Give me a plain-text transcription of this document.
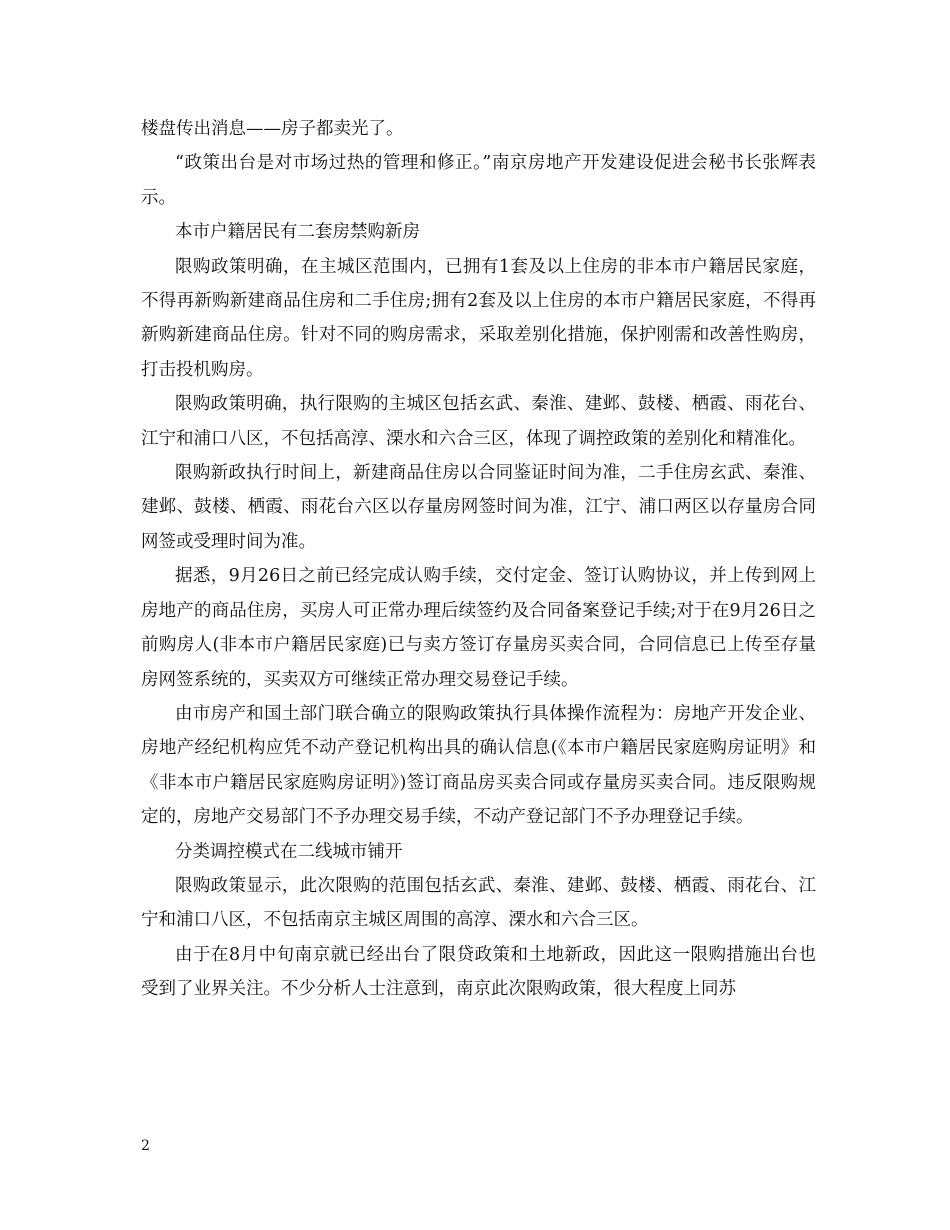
楼盘传出消息——房子都卖光了。

“政策出台是对市场过热的管理和修正。”南京房地产开发建设促进会秘书长张辉表示。

本市户籍居民有二套房禁购新房

限购政策明确，在主城区范围内，已拥有1套及以上住房的非本市户籍居民家庭，不得再新购新建商品住房和二手住房;拥有2套及以上住房的本市户籍居民家庭，不得再新购新建商品住房。针对不同的购房需求，采取差别化措施，保护刚需和改善性购房，打击投机购房。

限购政策明确，执行限购的主城区包括玄武、秦淮、建邺、鼓楼、栖霞、雨花台、江宁和浦口八区，不包括高淳、溧水和六合三区，体现了调控政策的差别化和精准化。

限购新政执行时间上，新建商品住房以合同鉴证时间为准，二手住房玄武、秦淮、建邺、鼓楼、栖霞、雨花台六区以存量房网签时间为准，江宁、浦口两区以存量房合同网签或受理时间为准。

据悉，9月26日之前已经完成认购手续，交付定金、签订认购协议，并上传到网上房地产的商品住房，买房人可正常办理后续签约及合同备案登记手续;对于在9月26日之前购房人(非本市户籍居民家庭)已与卖方签订存量房买卖合同，合同信息已上传至存量房网签系统的，买卖双方可继续正常办理交易登记手续。

由市房产和国土部门联合确立的限购政策执行具体操作流程为：房地产开发企业、房地产经纪机构应凭不动产登记机构出具的确认信息(《本市户籍居民家庭购房证明》和《非本市户籍居民家庭购房证明》)签订商品房买卖合同或存量房买卖合同。违反限购规定的，房地产交易部门不予办理交易手续，不动产登记部门不予办理登记手续。

分类调控模式在二线城市铺开

限购政策显示，此次限购的范围包括玄武、秦淮、建邺、鼓楼、栖霞、雨花台、江宁和浦口八区，不包括南京主城区周围的高淳、溧水和六合三区。

由于在8月中旬南京就已经出台了限贷政策和土地新政，因此这一限购措施出台也受到了业界关注。不少分析人士注意到，南京此次限购政策，很大程度上同苏

2
